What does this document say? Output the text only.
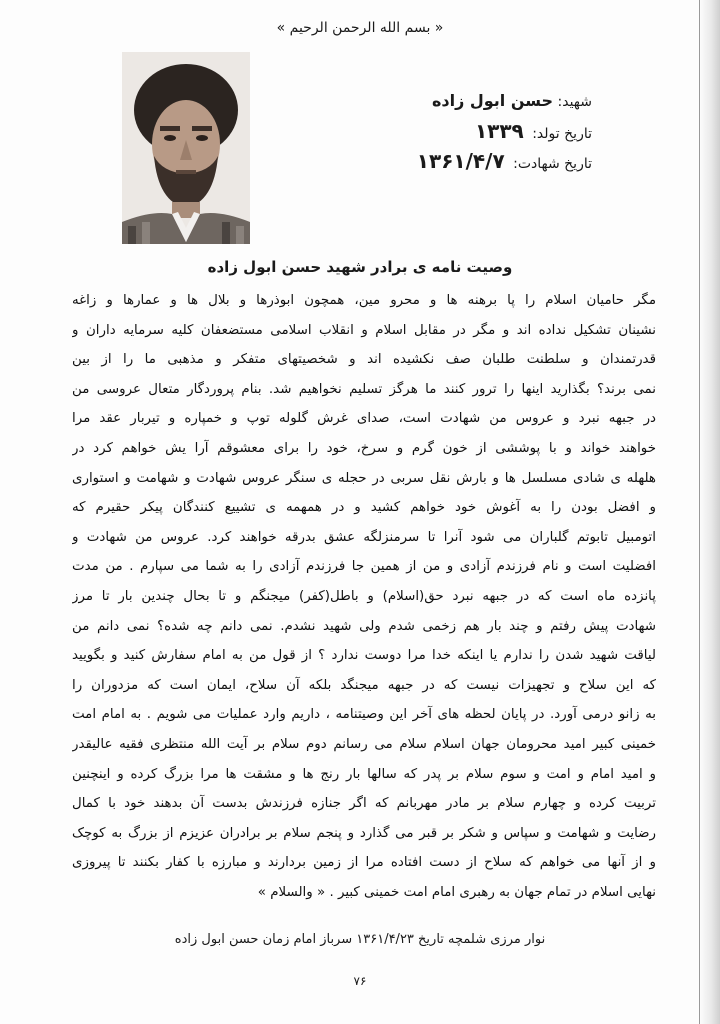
« بسم الله الرحمن الرحیم »
شهید: حسن ابول زاده
تاریخ تولد: ۱۳۳۹
تاریخ شهادت: ۱۳۶۱/۴/۷
وصیت نامه ی برادر شهید حسن ابول زاده
مگر حامیان اسلام را پا برهنه ها و محرو مین، همچون ابوذرها و بلال ها و عمارها و زاغه
نشینان تشکیل نداده اند و مگر در مقابل اسلام و انقلاب اسلامی مستضعفان کلیه سرمایه داران و
قدرتمندان و سلطنت طلبان صف نکشیده اند و شخصیتهای متفکر و مذهبی ما را از بین
نمی برند؟ بگذارید اینها را ترور کنند ما هرگز تسلیم نخواهیم شد. بنام پروردگار متعال عروسی من
در جبهه نبرد و عروس من شهادت است، صدای غرش گلوله توپ و خمپاره و تیربار عقد مرا
خواهند خواند و با پوششی از خون گرم و سرخ، خود را برای معشوقم آرا یش خواهم کرد در
هلهله ی شادی مسلسل ها و بارش نقل سربی در حجله ی سنگر عروس شهادت و شهامت و استواری
و افضل بودن را به آغوش خود خواهم کشید و در همهمه ی تشییع کنندگان پیکر حقیرم که
اتومبیل تابوتم گلباران می شود آنرا تا سرمنزلگه عشق بدرقه خواهند کرد. عروس من شهادت و
افضلیت است و نام فرزندم آزادی و من از همین جا فرزندم آزادی را به شما می سپارم . من مدت
پانزده ماه است که در جبهه نبرد حق(اسلام) و باطل(کفر) میجنگم و تا بحال چندین بار تا مرز
شهادت پیش رفتم و چند بار هم زخمی شدم ولی شهید نشدم. نمی دانم چه شده؟ نمی دانم من
لیاقت شهید شدن را ندارم یا اینکه خدا مرا دوست ندارد ؟ از قول من به امام سفارش کنید و بگویید
که این سلاح و تجهیزات نیست که در جبهه میجنگد بلکه آن سلاح، ایمان است که مزدوران را
به زانو درمی آورد. در پایان لحظه های آخر این وصیتنامه ، داریم وارد عملیات می شویم . به امام امت
خمینی کبیر امید محرومان جهان اسلام سلام می رسانم دوم سلام بر آیت الله منتظری فقیه عالیقدر
و امید امام و امت و سوم سلام بر پدر که سالها بار رنج ها و مشقت ها مرا بزرگ کرده و اینچنین
تربیت کرده و چهارم سلام بر مادر مهربانم که اگر جنازه فرزندش بدست آن بدهند خود با کمال
رضایت و شهامت و سپاس و شکر بر قبر می گذارد و پنجم سلام بر برادران عزیزم از بزرگ به کوچک
و از آنها می خواهم که سلاح از دست افتاده مرا از زمین بردارند و مبارزه با کفار بکنند تا پیروزی
نهایی اسلام در تمام جهان به رهبری امام امت خمینی کبیر . « والسلام »
نوار مرزی شلمچه تاریخ ۱۳۶۱/۴/۲۳ سرباز امام زمان حسن ابول زاده
۷۶
